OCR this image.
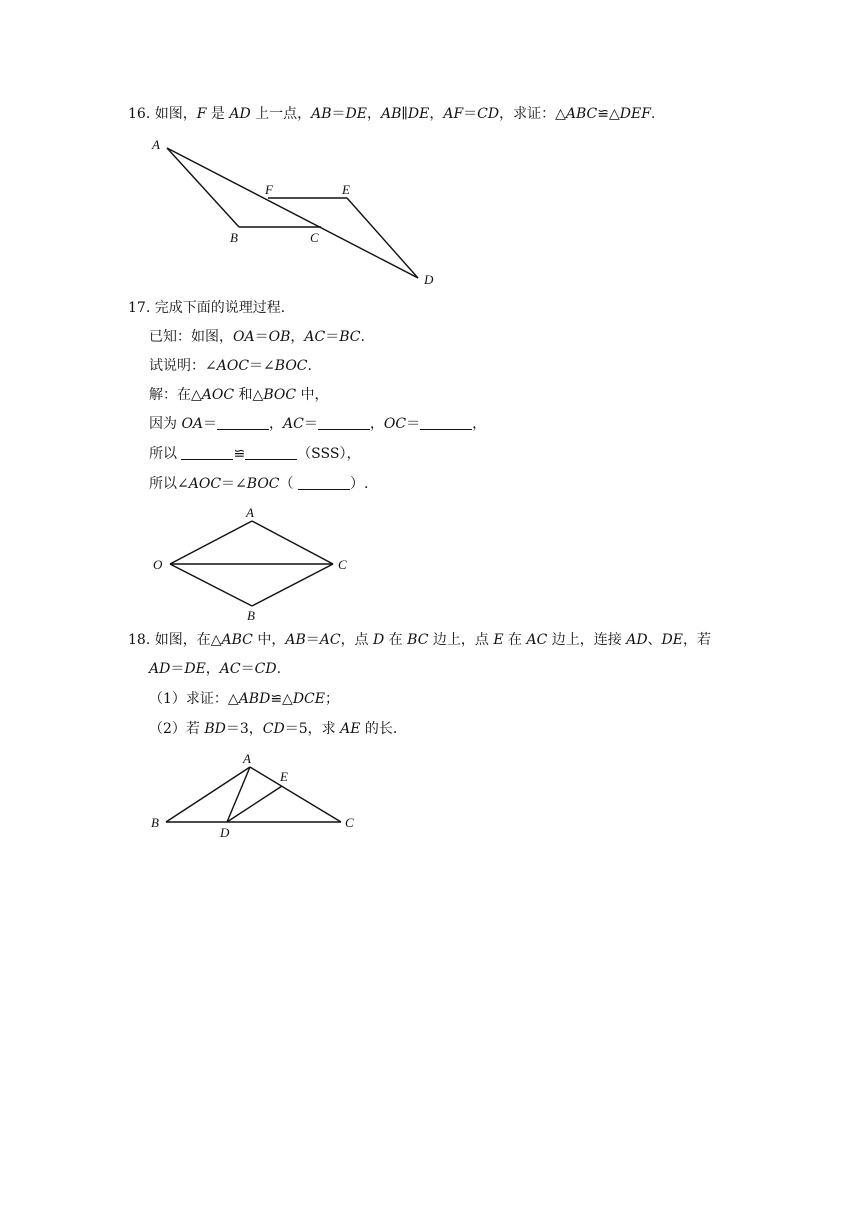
16. 如图，F 是 AD 上一点，AB＝DE，AB∥DE，AF＝CD，求证：△ABC≌△DEF.
A
B	C
D
E
F
A
B
C
O
A
B	C
D
E
17. 完成下面的说理过程．
已知：如图，OA＝OB，AC＝BC.
试说明：∠AOC＝∠BOC.
解：在△AOC 和△BOC 中，
因为 OA＝	，AC＝	，OC＝	，
所以	≌	（SSS），
所以∠AOC＝∠BOC（	）.
18. 如图，在△ABC 中，AB＝AC，点 D 在 BC 边上，点 E 在 AC 边上，连接 AD、DE，若
AD＝DE，AC＝CD.
（1）求证：△ABD≌△DCE；
（2）若 BD＝3，CD＝5，求 AE 的长.
